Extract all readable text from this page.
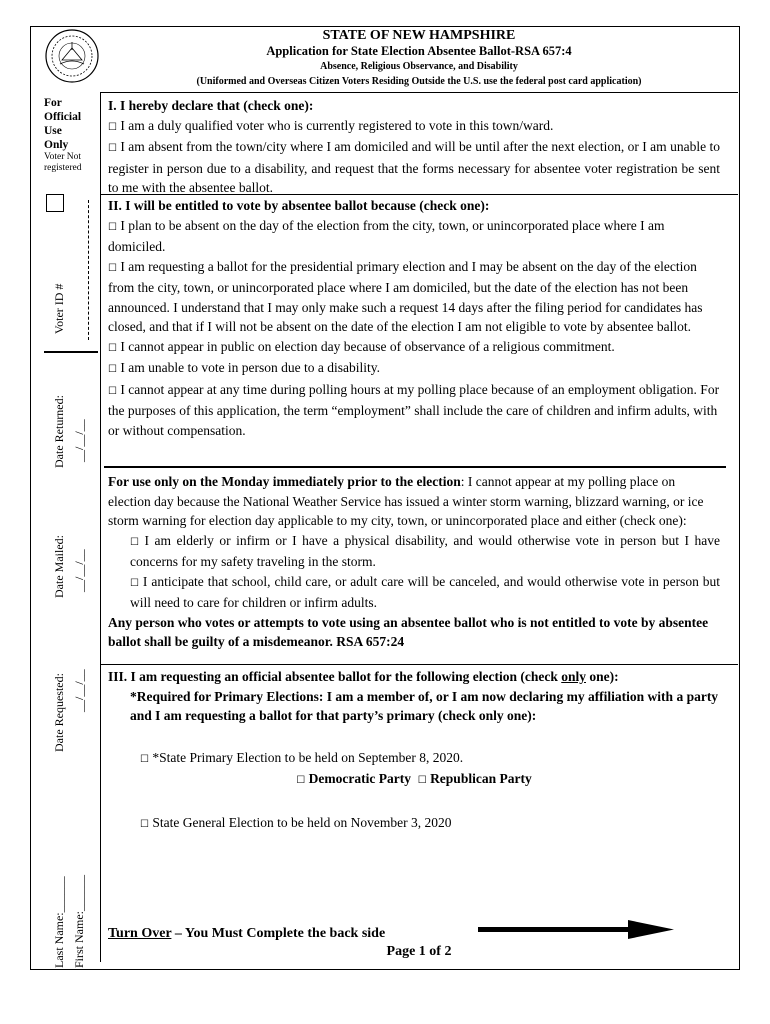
STATE OF NEW HAMPSHIRE
Application for State Election Absentee Ballot-RSA 657:4
Absence, Religious Observance, and Disability
(Uniformed and Overseas Citizen Voters Residing Outside the U.S. use the federal post card application)
For
Official
Use
Only
Voter Not
registered
Voter ID #
Date Returned: __/__/__
Date Mailed: __/__/__
Date Requested: __/__/__
Last Name:______ First Name:______

I. I hereby declare that (check one):

☐ I am a duly qualified voter who is currently registered to vote in this town/ward.

☐ I am absent from the town/city where I am domiciled and will be until after the next election, or I am unable to register in person due to a disability, and request that the forms necessary for absentee voter registration be sent to me with the absentee ballot.

II. I will be entitled to vote by absentee ballot because (check one):

☐ I plan to be absent on the day of the election from the city, town, or unincorporated place where I am domiciled.

☐ I am requesting a ballot for the presidential primary election and I may be absent on the day of the election from the city, town, or unincorporated place where I am domiciled, but the date of the election has not been announced. I understand that I may only make such a request 14 days after the filing period for candidates has closed, and that if I will not be absent on the date of the election I am not eligible to vote by absentee ballot.

☐ I cannot appear in public on election day because of observance of a religious commitment.

☐ I am unable to vote in person due to a disability.

☐ I cannot appear at any time during polling hours at my polling place because of an employment obligation. For the purposes of this application, the term “employment” shall include the care of children and infirm adults, with or without compensation.

For use only on the Monday immediately prior to the election: I cannot appear at my polling place on election day because the National Weather Service has issued a winter storm warning, blizzard warning, or ice storm warning for election day applicable to my city, town, or unincorporated place and either (check one):

☐ I am elderly or infirm or I have a physical disability, and would otherwise vote in person but I have concerns for my safety traveling in the storm.

☐ I anticipate that school, child care, or adult care will be canceled, and would otherwise vote in person but will need to care for children or infirm adults.

Any person who votes or attempts to vote using an absentee ballot who is not entitled to vote by absentee ballot shall be guilty of a misdemeanor. RSA 657:24

III. I am requesting an official absentee ballot for the following election (check only one):

*Required for Primary Elections: I am a member of, or I am now declaring my affiliation with a party and I am requesting a ballot for that party’s primary (check only one):

☐ *State Primary Election to be held on September 8, 2020.

☐ Democratic Party ☐ Republican Party

☐ State General Election to be held on November 3, 2020

Turn Over – You Must Complete the back side
Page 1 of 2
